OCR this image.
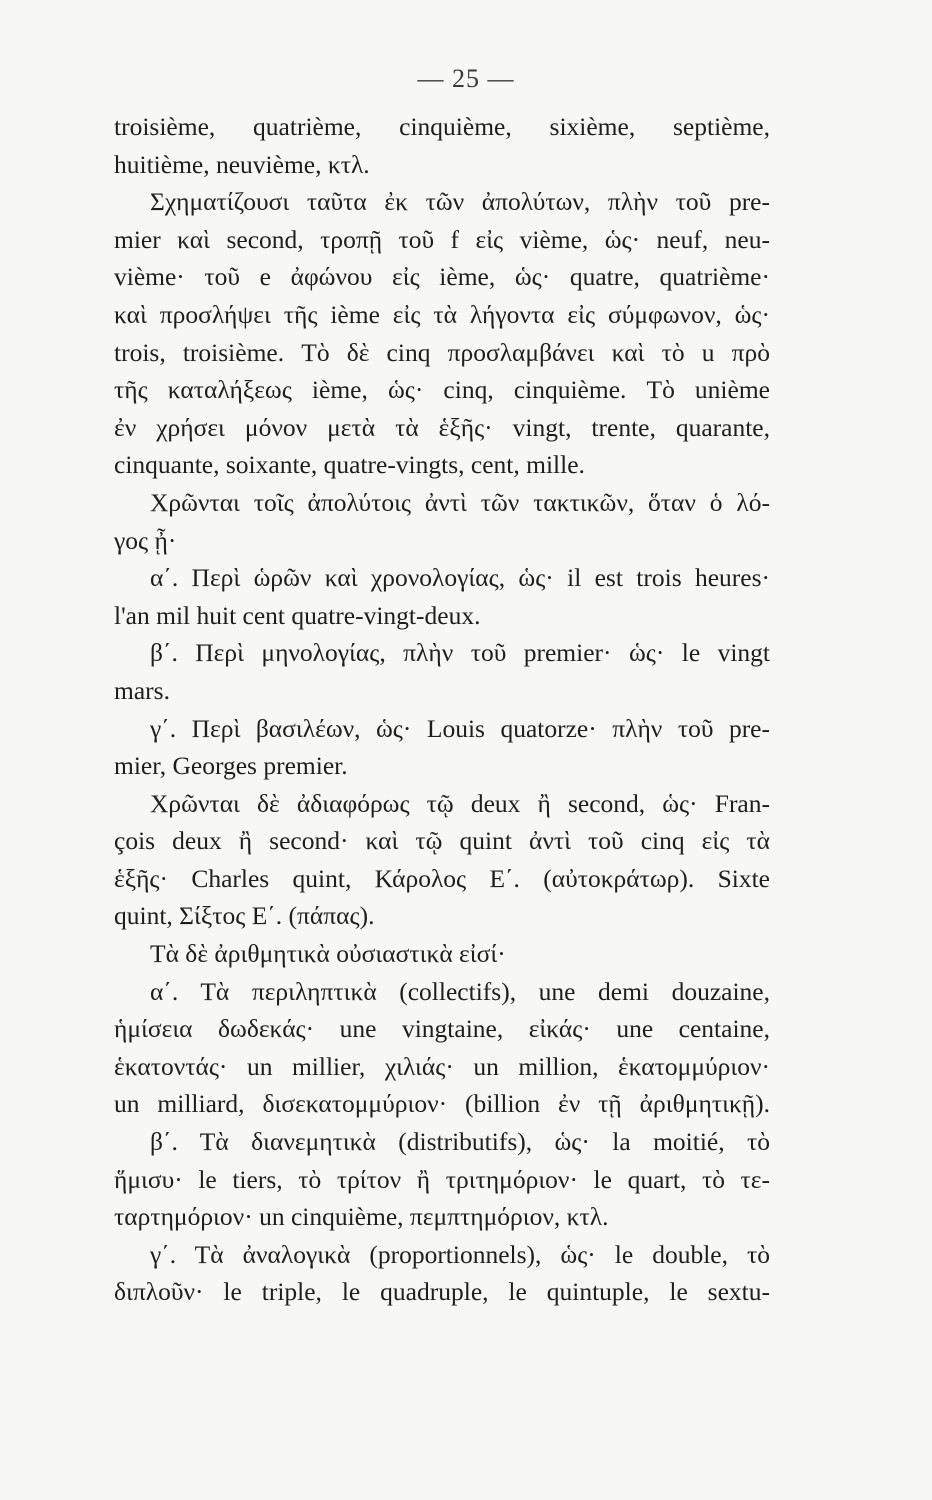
— 25 —
troisième, quatrième, cinquième, sixième, septième,
huitième, neuvième, κτλ.
Σχηματίζουσι ταῦτα ἐκ τῶν ἀπολύτων, πλὴν τοῦ pre-
mier καὶ second, τροπῇ τοῦ f εἰς vième, ὡς· neuf, neu-
vième· τοῦ e ἀφώνου εἰς ième, ὡς· quatre, quatrième·
καὶ προσλήψει τῆς ième εἰς τὰ λήγοντα εἰς σύμφωνον, ὡς·
trois, troisième. Τὸ δὲ cinq προσλαμβάνει καὶ τὸ u πρὸ
τῆς καταλήξεως ième, ὡς· cinq, cinquième. Τὸ unième
ἐν χρήσει μόνον μετὰ τὰ ἑξῆς· vingt, trente, quarante,
cinquante, soixante, quatre-vingts, cent, mille.
Χρῶνται τοῖς ἀπολύτοις ἀντὶ τῶν τακτικῶν, ὅταν ὁ λό-
γος ᾖ·
α΄. Περὶ ὡρῶν καὶ χρονολογίας, ὡς· il est trois heures·
l'an mil huit cent quatre-vingt-deux.
β΄. Περὶ μηνολογίας, πλὴν τοῦ premier· ὡς· le vingt
mars.
γ΄. Περὶ βασιλέων, ὡς· Louis quatorze· πλὴν τοῦ pre-
mier, Georges premier.
Χρῶνται δὲ ἀδιαφόρως τῷ deux ἢ second, ὡς· Fran-
çois deux ἢ second· καὶ τῷ quint ἀντὶ τοῦ cinq εἰς τὰ
ἑξῆς· Charles quint, Κάρολος Ε΄. (αὐτοκράτωρ). Sixte
quint, Σίξτος Ε΄. (πάπας).
Τὰ δὲ ἀριθμητικὰ οὐσιαστικὰ εἰσί·
α΄. Τὰ περιληπτικὰ (collectifs), une demi douzaine,
ἡμίσεια δωδεκάς· une vingtaine, εἰκάς· une centaine,
ἑκατοντάς· un millier, χιλιάς· un million, ἑκατομμύριον·
un milliard, δισεκατομμύριον· (billion ἐν τῇ ἀριθμητικῇ).
β΄. Τὰ διανεμητικὰ (distributifs), ὡς· la moitié, τὸ
ἥμισυ· le tiers, τὸ τρίτον ἢ τριτημόριον· le quart, τὸ τε-
ταρτημόριον· un cinquième, πεμπτημόριον, κτλ.
γ΄. Τὰ ἀναλογικὰ (proportionnels), ὡς· le double, τὸ
διπλοῦν· le triple, le quadruple, le quintuple, le sextu-
